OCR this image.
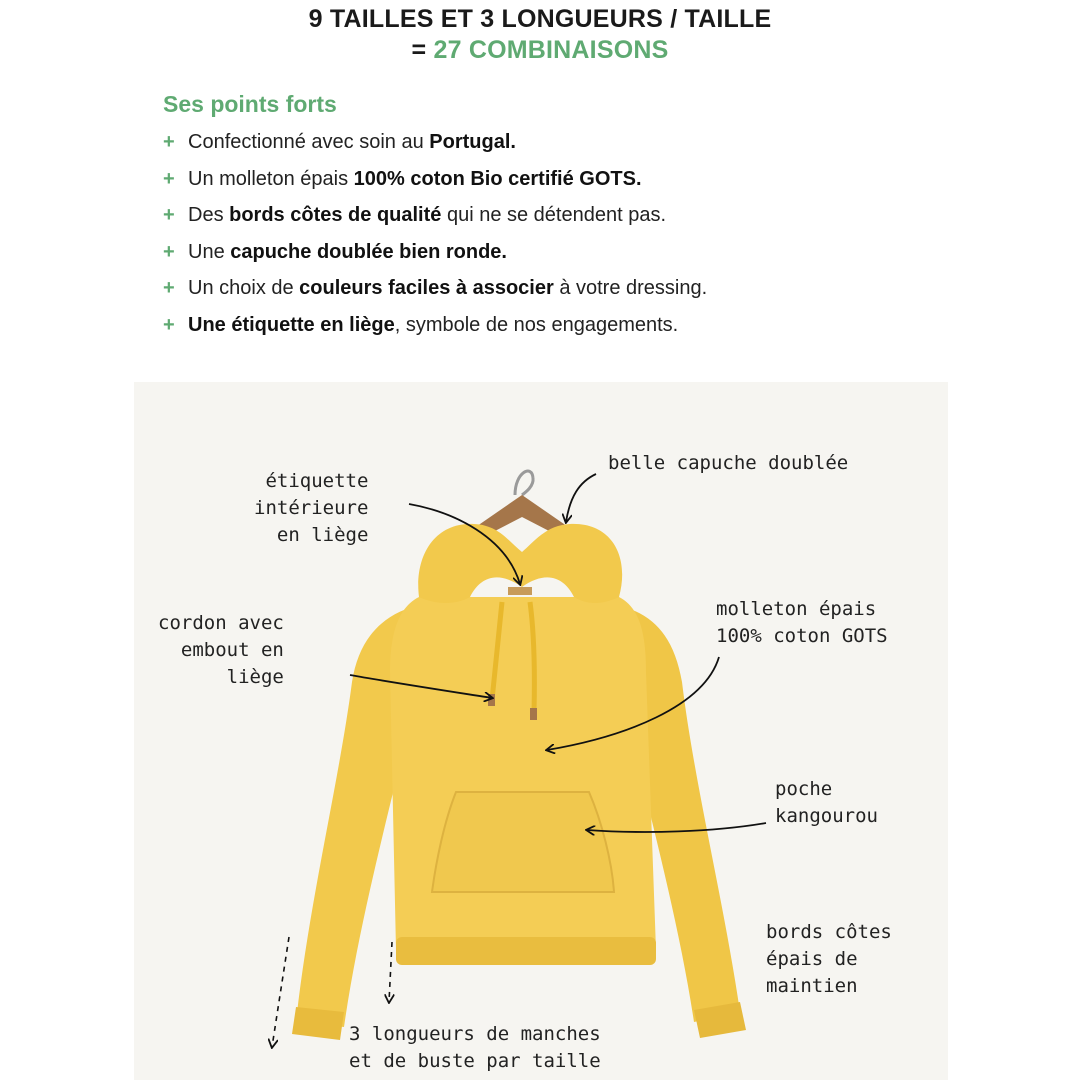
9 TAILLES ET 3 LONGUEURS / TAILLE
= 27 COMBINAISONS
Ses points forts
+ Confectionné avec soin au Portugal.
+ Un molleton épais 100% coton Bio certifié GOTS.
+ Des bords côtes de qualité qui ne se détendent pas.
+ Une capuche doublée bien ronde.
+ Un choix de couleurs faciles à associer à votre dressing.
+ Une étiquette en liège, symbole de nos engagements.
belle capuche doublée
étiquette
intérieure
en liège
cordon avec
embout en
liège
molleton épais
100% coton GOTS
poche
kangourou
bords côtes
épais de
maintien
3 longueurs de manches
et de buste par taille
